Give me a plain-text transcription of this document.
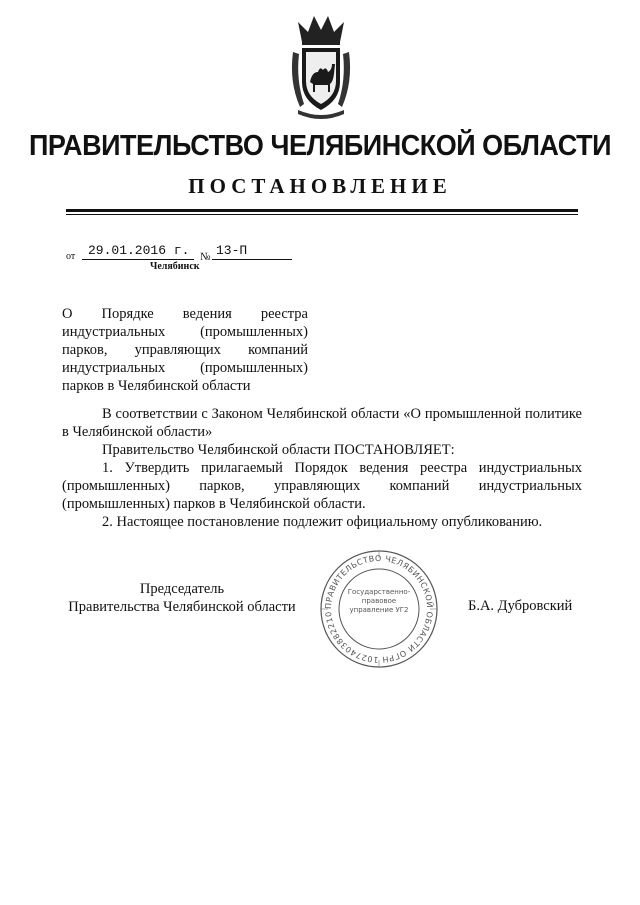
ПРАВИТЕЛЬСТВО ЧЕЛЯБИНСКОЙ ОБЛАСТИ
ПОСТАНОВЛЕНИЕ
от 29.01.2016 г. № 13-П
Челябинск
О Порядке ведения реестра индустриальных (промышленных) парков, управляющих компаний индустриальных (промышленных) парков в Челябинской области

В соответствии с Законом Челябинской области «О промышленной политике в Челябинской области»

Правительство Челябинской области ПОСТАНОВЛЯЕТ:

1. Утвердить прилагаемый Порядок ведения реестра индустриальных (промышленных) парков, управляющих компаний индустриальных (промышленных) парков в Челябинской области.

2. Настоящее постановление подлежит официальному опубликованию.

Председатель
Правительства Челябинской области	ПРАВИТЕЛЬСТВО ЧЕЛЯБИНСКОЙ ОБЛАСТИ ОГРН 1027403882210
Государственно-правовое управление УГ2	Б.А. Дубровский
